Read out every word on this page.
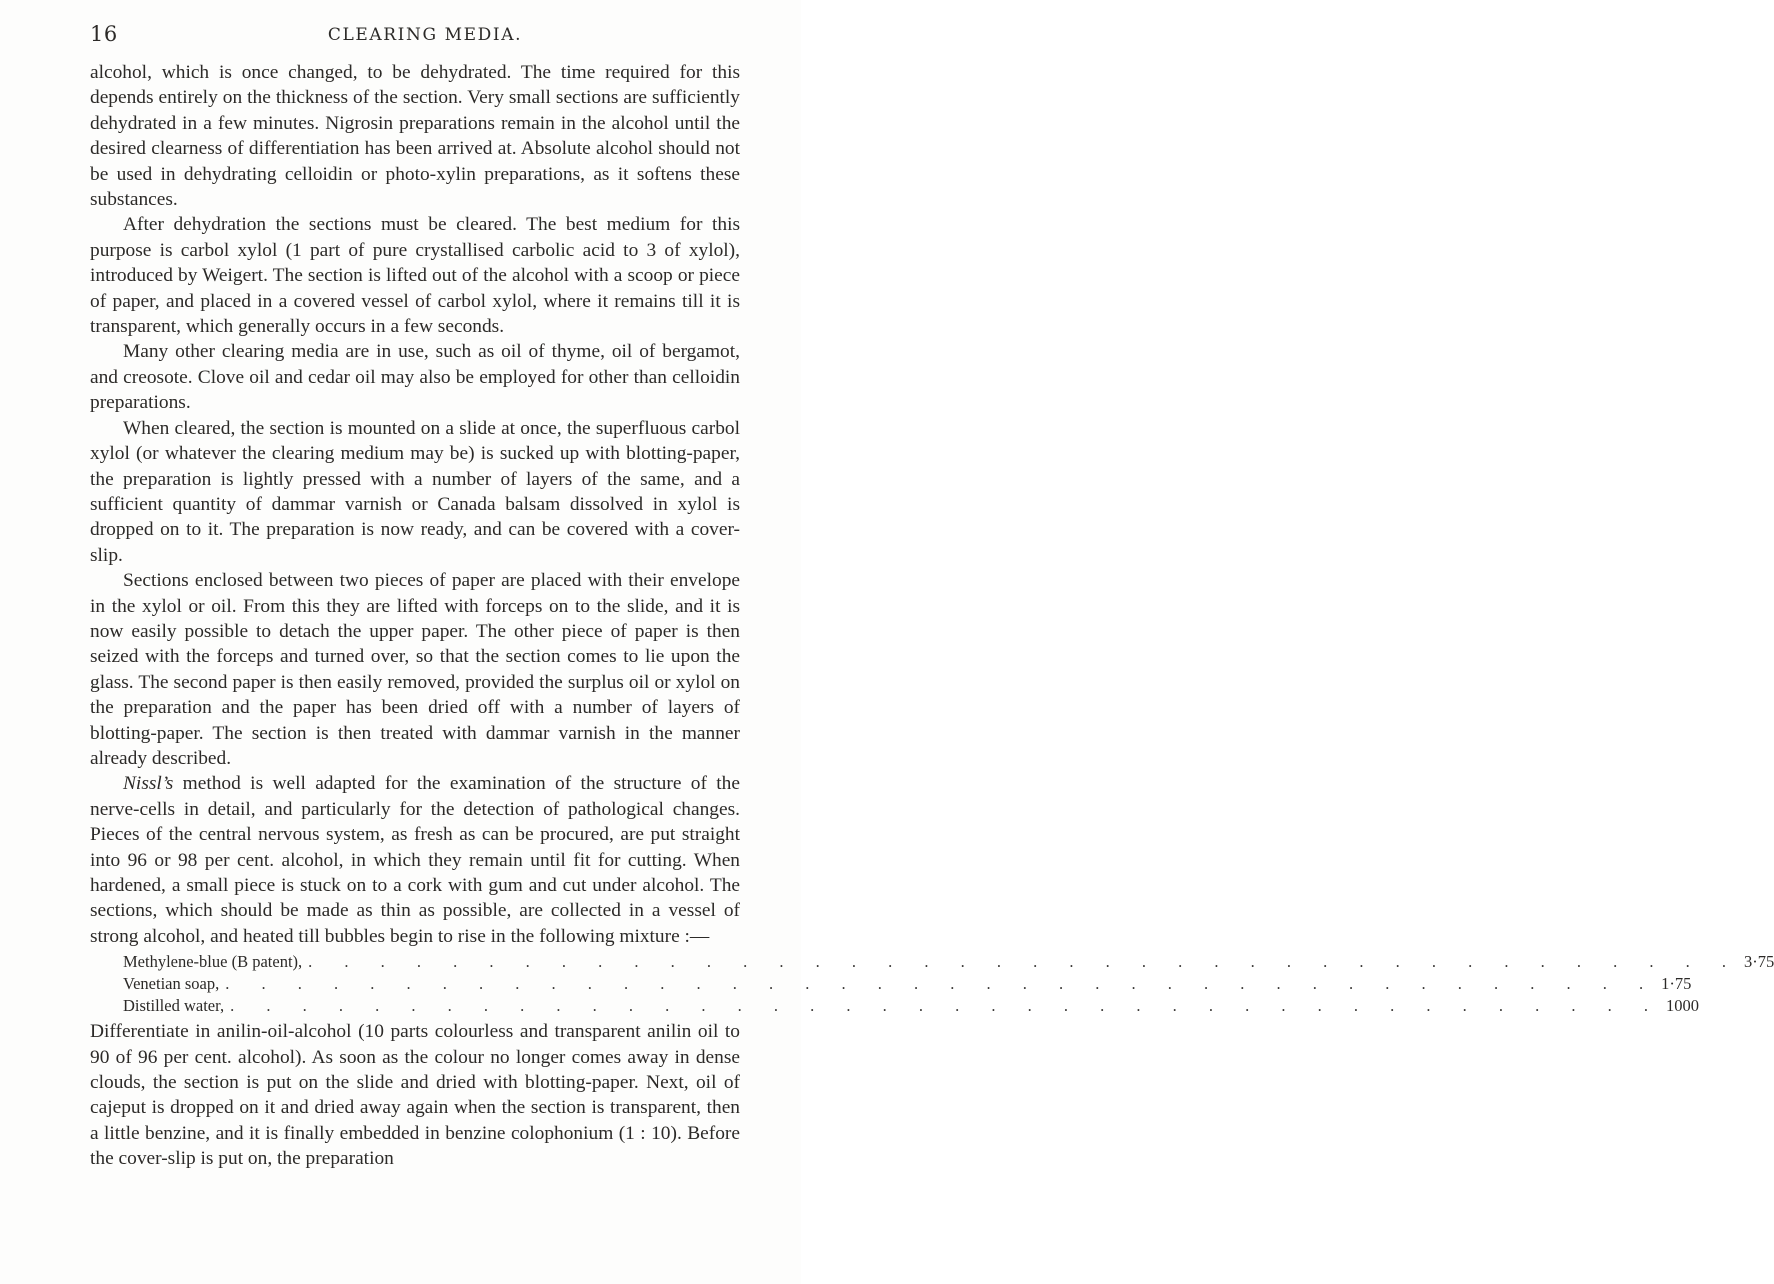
16	CLEARING MEDIA.

alcohol, which is once changed, to be dehydrated. The time required for this depends entirely on the thickness of the section. Very small sections are sufficiently dehydrated in a few minutes. Nigrosin preparations remain in the alcohol until the desired clearness of differentiation has been arrived at. Absolute alcohol should not be used in dehydrating celloidin or photo-xylin preparations, as it softens these substances.

After dehydration the sections must be cleared. The best medium for this purpose is carbol xylol (1 part of pure crystallised carbolic acid to 3 of xylol), introduced by Weigert. The section is lifted out of the alcohol with a scoop or piece of paper, and placed in a covered vessel of carbol xylol, where it remains till it is transparent, which generally occurs in a few seconds.

Many other clearing media are in use, such as oil of thyme, oil of bergamot, and creosote. Clove oil and cedar oil may also be employed for other than celloidin preparations.

When cleared, the section is mounted on a slide at once, the superfluous carbol xylol (or whatever the clearing medium may be) is sucked up with blotting-paper, the preparation is lightly pressed with a number of layers of the same, and a sufficient quantity of dammar varnish or Canada balsam dissolved in xylol is dropped on to it. The preparation is now ready, and can be covered with a cover-slip.

Sections enclosed between two pieces of paper are placed with their envelope in the xylol or oil. From this they are lifted with forceps on to the slide, and it is now easily possible to detach the upper paper. The other piece of paper is then seized with the forceps and turned over, so that the section comes to lie upon the glass. The second paper is then easily removed, provided the surplus oil or xylol on the preparation and the paper has been dried off with a number of layers of blotting-paper. The section is then treated with dammar varnish in the manner already described.

Nissl’s method is well adapted for the examination of the structure of the nerve-cells in detail, and particularly for the detection of pathological changes. Pieces of the central nervous system, as fresh as can be procured, are put straight into 96 or 98 per cent. alcohol, in which they remain until fit for cutting. When hardened, a small piece is stuck on to a cork with gum and cut under alcohol. The sections, which should be made as thin as possible, are collected in a vessel of strong alcohol, and heated till bubbles begin to rise in the following mixture :—

Methylene-blue (B patent), . . . . . . . . . . . . . . . . . . . . . . . . . . . . . . . . . . . . . . . . 3·75
Venetian soap, . . . . . . . . . . . . . . . . . . . . . . . . . . . . . . . . . . . . . . . . 1·75
Distilled water, . . . . . . . . . . . . . . . . . . . . . . . . . . . . . . . . . . . . . . . . 1000

Differentiate in anilin-oil-alcohol (10 parts colourless and transparent anilin oil to 90 of 96 per cent. alcohol). As soon as the colour no longer comes away in dense clouds, the section is put on the slide and dried with blotting-paper. Next, oil of cajeput is dropped on it and dried away again when the section is transparent, then a little benzine, and it is finally embedded in benzine colophonium (1 : 10). Before the cover-slip is put on, the preparation
